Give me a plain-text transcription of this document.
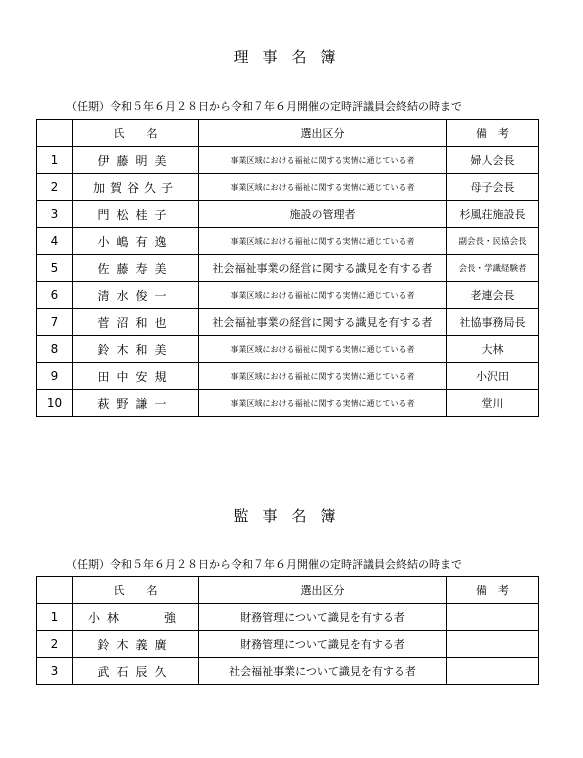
理事名簿
（任期）令和５年６月２８日から令和７年６月開催の定時評議員会終結の時まで
	氏　　名	選出区分	備　考
1	伊藤明美	事業区域における福祉に関する実情に通じている者	婦人会長
2	加賀谷久子	事業区域における福祉に関する実情に通じている者	母子会長
3	門松桂子	施設の管理者	杉風荘施設長
4	小嶋有逸	事業区域における福祉に関する実情に通じている者	副会長・民協会長
5	佐藤寿美	社会福祉事業の経営に関する識見を有する者	会長・学識経験者
6	清水俊一	事業区域における福祉に関する実情に通じている者	老連会長
7	菅沼和也	社会福祉事業の経営に関する識見を有する者	社協事務局長
8	鈴木和美	事業区域における福祉に関する実情に通じている者	大林
9	田中安規	事業区域における福祉に関する実情に通じている者	小沢田
10	萩野謙一	事業区域における福祉に関する実情に通じている者	堂川
監事名簿
（任期）令和５年６月２８日から令和７年６月開催の定時評議員会終結の時まで
	氏　　名	選出区分	備　考
1	小林　　強	財務管理について識見を有する者	
2	鈴木義廣	財務管理について識見を有する者	
3	武石辰久	社会福祉事業について識見を有する者	
